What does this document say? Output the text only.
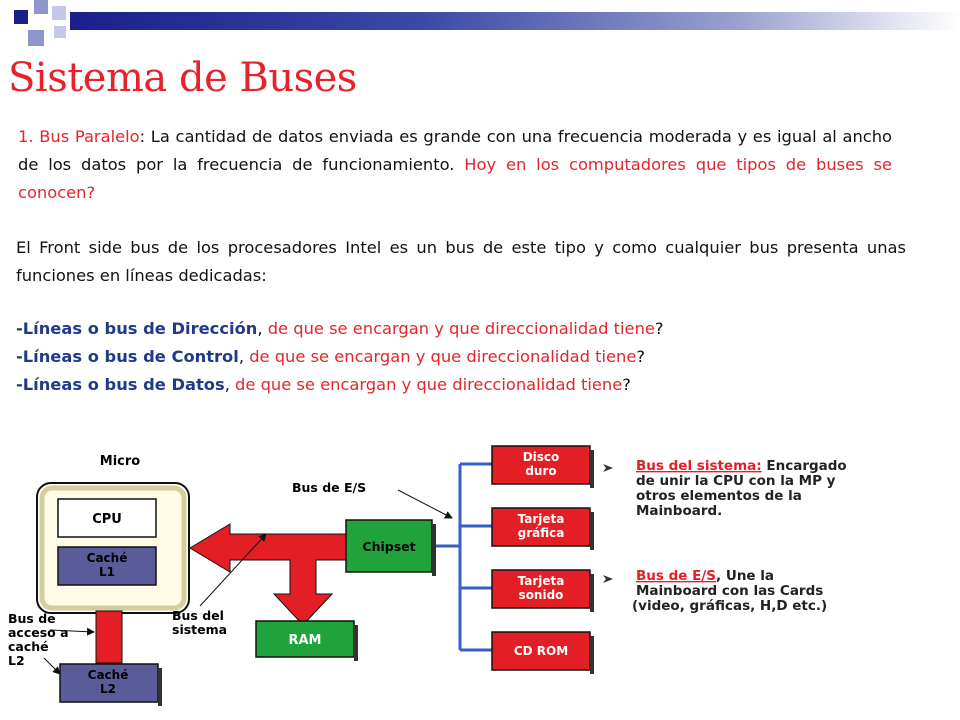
Sistema de Buses

1. Bus Paralelo: La cantidad de datos enviada es grande con una frecuencia moderada y es igual al ancho de los datos por la frecuencia de funcionamiento. Hoy en los computadores que tipos de buses se conocen?

El Front side bus de los procesadores Intel es un bus de este tipo y como cualquier bus presenta unas funciones en líneas dedicadas:

-Líneas o bus de Dirección, de que se encargan y que direccionalidad tiene?

-Líneas o bus de Control, de que se encargan y que direccionalidad tiene?

-Líneas o bus de Datos, de que se encargan y que direccionalidad tiene?

Micro
CPU
Caché L1
Caché L2
Bus de acceso a caché L2
Bus del sistema
RAM
Chipset
Bus de E/S
Disco duro
Tarjeta gráfica
Tarjeta sonido
CD ROM
Bus del sistema: Encargado de unir la CPU con la MP y otros elementos de la Mainboard.
Bus de E/S, Une la Mainboard con las Cards (video, gráficas, H,D etc.)
